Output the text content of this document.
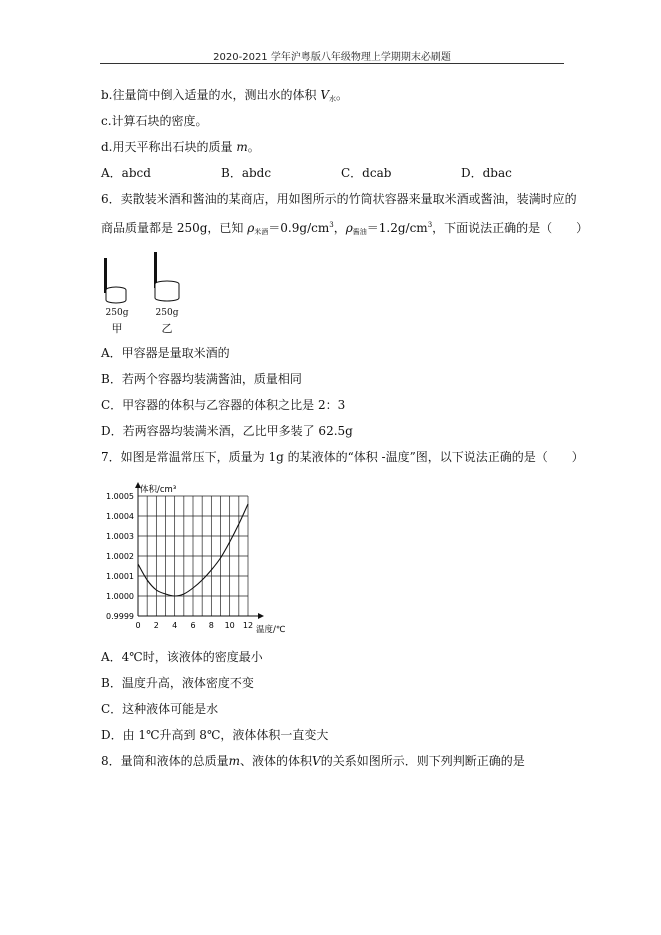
2020-2021 学年沪粤版八年级物理上学期期末必刷题
b.往量筒中倒入适量的水，测出水的体积 $V_水$。
c.计算石块的密度。
d.用天平称出石块的质量 m。
A．abcd	B．abdc	C．dcab	D．dbac
6．卖散装米酒和酱油的某商店，用如图所示的竹筒状容器来量取米酒或酱油，装满时应的
商品质量都是 250g，已知 $\rho_{米酒}=0.9g/cm^3$，$\rho_{酱油}=1.2g/cm^3$，下面说法正确的是（　　）
250g	250g
甲	乙
A．甲容器是量取米酒的
B．若两个容器均装满酱油，质量相同
C．甲容器的体积与乙容器的体积之比是 2：3
D．若两容器均装满米酒，乙比甲多装了 62.5g
7．如图是常温常压下，质量为 1g 的某液体的“体积 -温度”图，以下说法正确的是（　　）
0.9999
1.0000
1.0001
1.0002
1.0003
1.0004
1.0005
0 2 4 6 8 10 12
体积/cm³
温度/℃
A．4℃时，该液体的密度最小
B．温度升高，液体密度不变
C．这种液体可能是水
D．由 1℃升高到 8℃，液体体积一直变大
8．量筒和液体的总质量m、液体的体积V的关系如图所示．则下列判断正确的是
